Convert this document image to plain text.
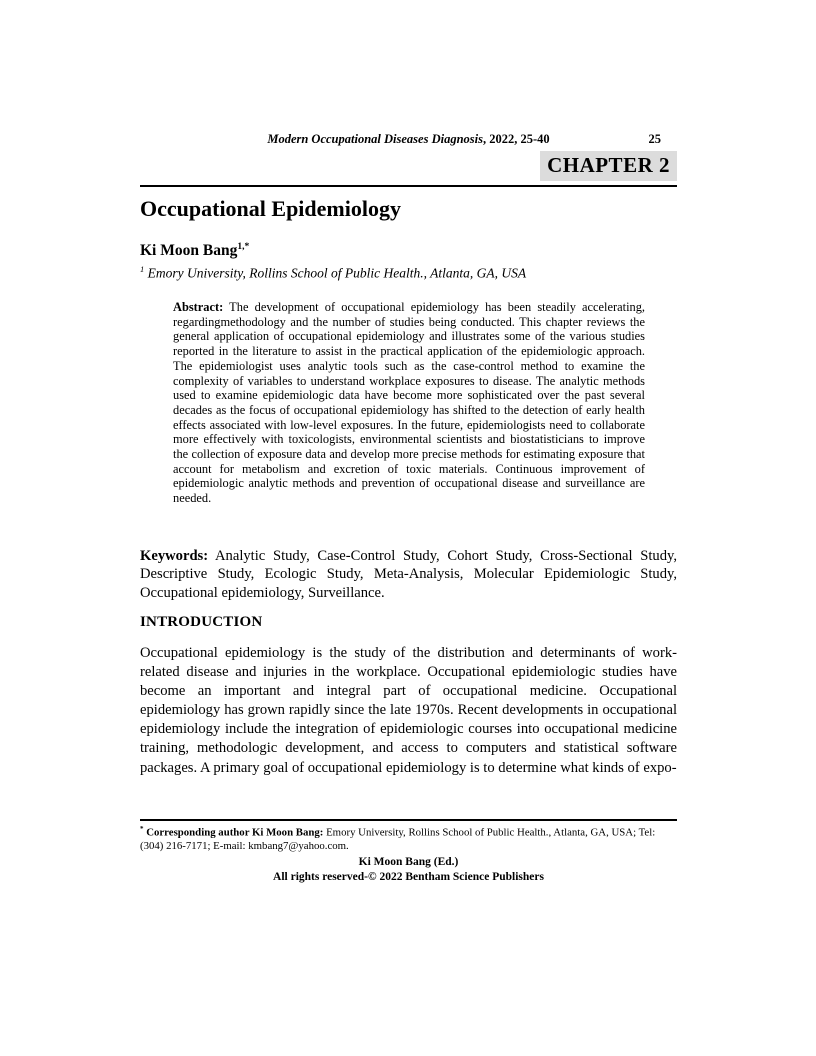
Modern Occupational Diseases Diagnosis, 2022, 25-40	25
CHAPTER 2
Occupational Epidemiology
Ki Moon Bang$^{1,*}$
$^1$ Emory University, Rollins School of Public Health., Atlanta, GA, USA

Abstract: The development of occupational epidemiology has been steadily accelerating, regardingmethodology and the number of studies being conducted. This chapter reviews the general application of occupational epidemiology and illustrates some of the various studies reported in the literature to assist in the practical application of the epidemiologic approach. The epidemiologist uses analytic tools such as the case-control method to examine the complexity of variables to understand workplace exposures to disease. The analytic methods used to examine epidemiologic data have become more sophisticated over the past several decades as the focus of occupational epidemiology has shifted to the detection of early health effects associated with low-level exposures. In the future, epidemiologists need to collaborate more effectively with toxicologists, environmental scientists and biostatisticians to improve the collection of exposure data and develop more precise methods for estimating exposure that account for metabolism and excretion of toxic materials. Continuous improvement of epidemiologic analytic methods and prevention of occupational disease and surveillance are needed.

Keywords: Analytic Study, Case-Control Study, Cohort Study, Cross-Sectional Study, Descriptive Study, Ecologic Study, Meta-Analysis, Molecular Epidemiologic Study, Occupational epidemiology, Surveillance.

INTRODUCTION

Occupational epidemiology is the study of the distribution and determinants of work-related disease and injuries in the workplace. Occupational epidemiologic studies have become an important and integral part of occupational medicine. Occupational epidemiology has grown rapidly since the late 1970s. Recent developments in occupational epidemiology include the integration of epidemiologic courses into occupational medicine training, methodologic development, and access to computers and statistical software packages. A primary goal of occupational epidemiology is to determine what kinds of expo-

* Corresponding author Ki Moon Bang: Emory University, Rollins School of Public Health., Atlanta, GA, USA; Tel: (304) 216-7171; E-mail: kmbang7@yahoo.com.

Ki Moon Bang (Ed.)
All rights reserved-© 2022 Bentham Science Publishers
